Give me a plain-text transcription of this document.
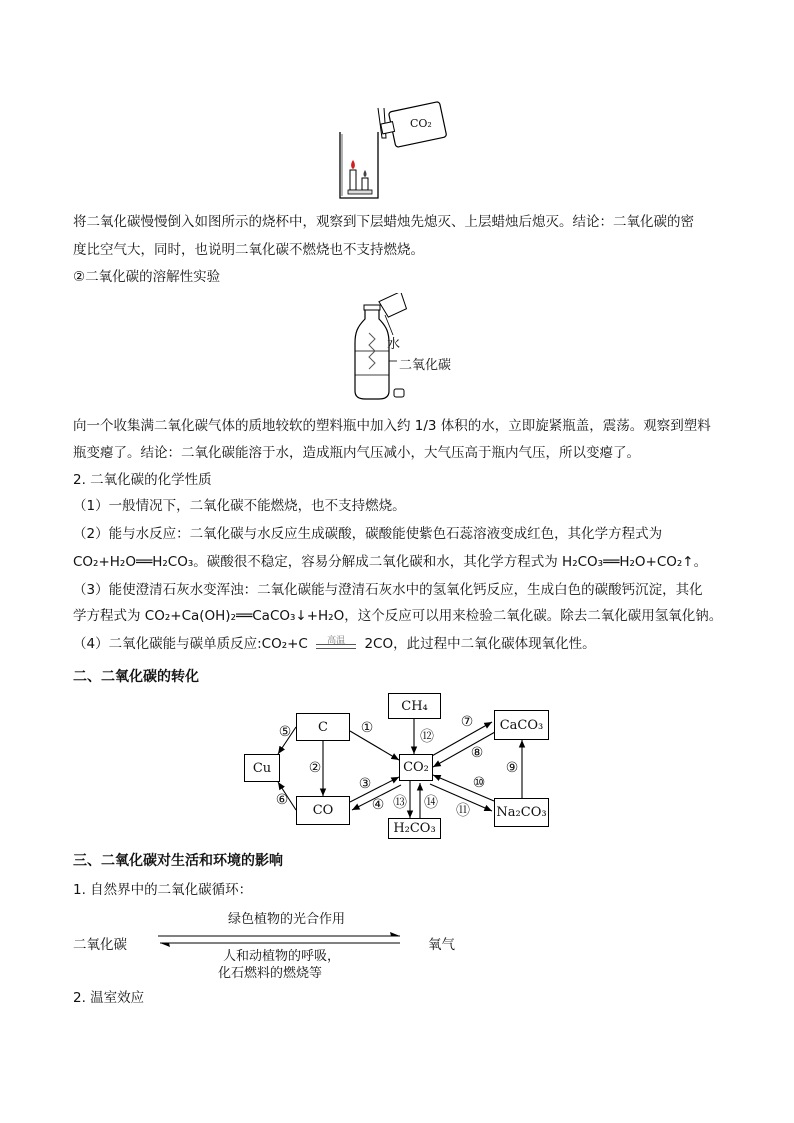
CO₂
将二氧化碳慢慢倒入如图所示的烧杯中，观察到下层蜡烛先熄灭、上层蜡烛后熄灭。结论：二氧化碳的密
度比空气大，同时，也说明二氧化碳不燃烧也不支持燃烧。
②二氧化碳的溶解性实验
水
二氧化碳
向一个收集满二氧化碳气体的质地较软的塑料瓶中加入约 1/3 体积的水，立即旋紧瓶盖，震荡。观察到塑料
瓶变瘪了。结论：二氧化碳能溶于水，造成瓶内气压减小，大气压高于瓶内气压，所以变瘪了。
2. 二氧化碳的化学性质
（1）一般情况下，二氧化碳不能燃烧，也不支持燃烧。
（2）能与水反应：二氧化碳与水反应生成碳酸，碳酸能使紫色石蕊溶液变成红色，其化学方程式为
CO₂+H₂O══H₂CO₃。碳酸很不稳定，容易分解成二氧化碳和水，其化学方程式为 H₂CO₃══H₂O+CO₂↑。
（3）能使澄清石灰水变浑浊：二氧化碳能与澄清石灰水中的氢氧化钙反应，生成白色的碳酸钙沉淀，其化
学方程式为 CO₂+Ca(OH)₂══CaCO₃↓+H₂O，这个反应可以用来检验二氧化碳。除去二氧化碳用氢氧化钠。
（4）二氧化碳能与碳单质反应:CO₂+C	高温	2CO，此过程中二氧化碳体现氧化性。
二、二氧化碳的转化
C
CH₄
CaCO₃
Cu	CO₂
CO
H₂CO₃
Na₂CO₃
①
②
③
④
⑤
⑥
⑦
⑧
⑨
⑩
⑪
⑫
⑬ ⑭
三、二氧化碳对生活和环境的影响
1. 自然界中的二氧化碳循环：
绿色植物的光合作用
二氧化碳	氧气
人和动植物的呼吸，
化石燃料的燃烧等
2. 温室效应
